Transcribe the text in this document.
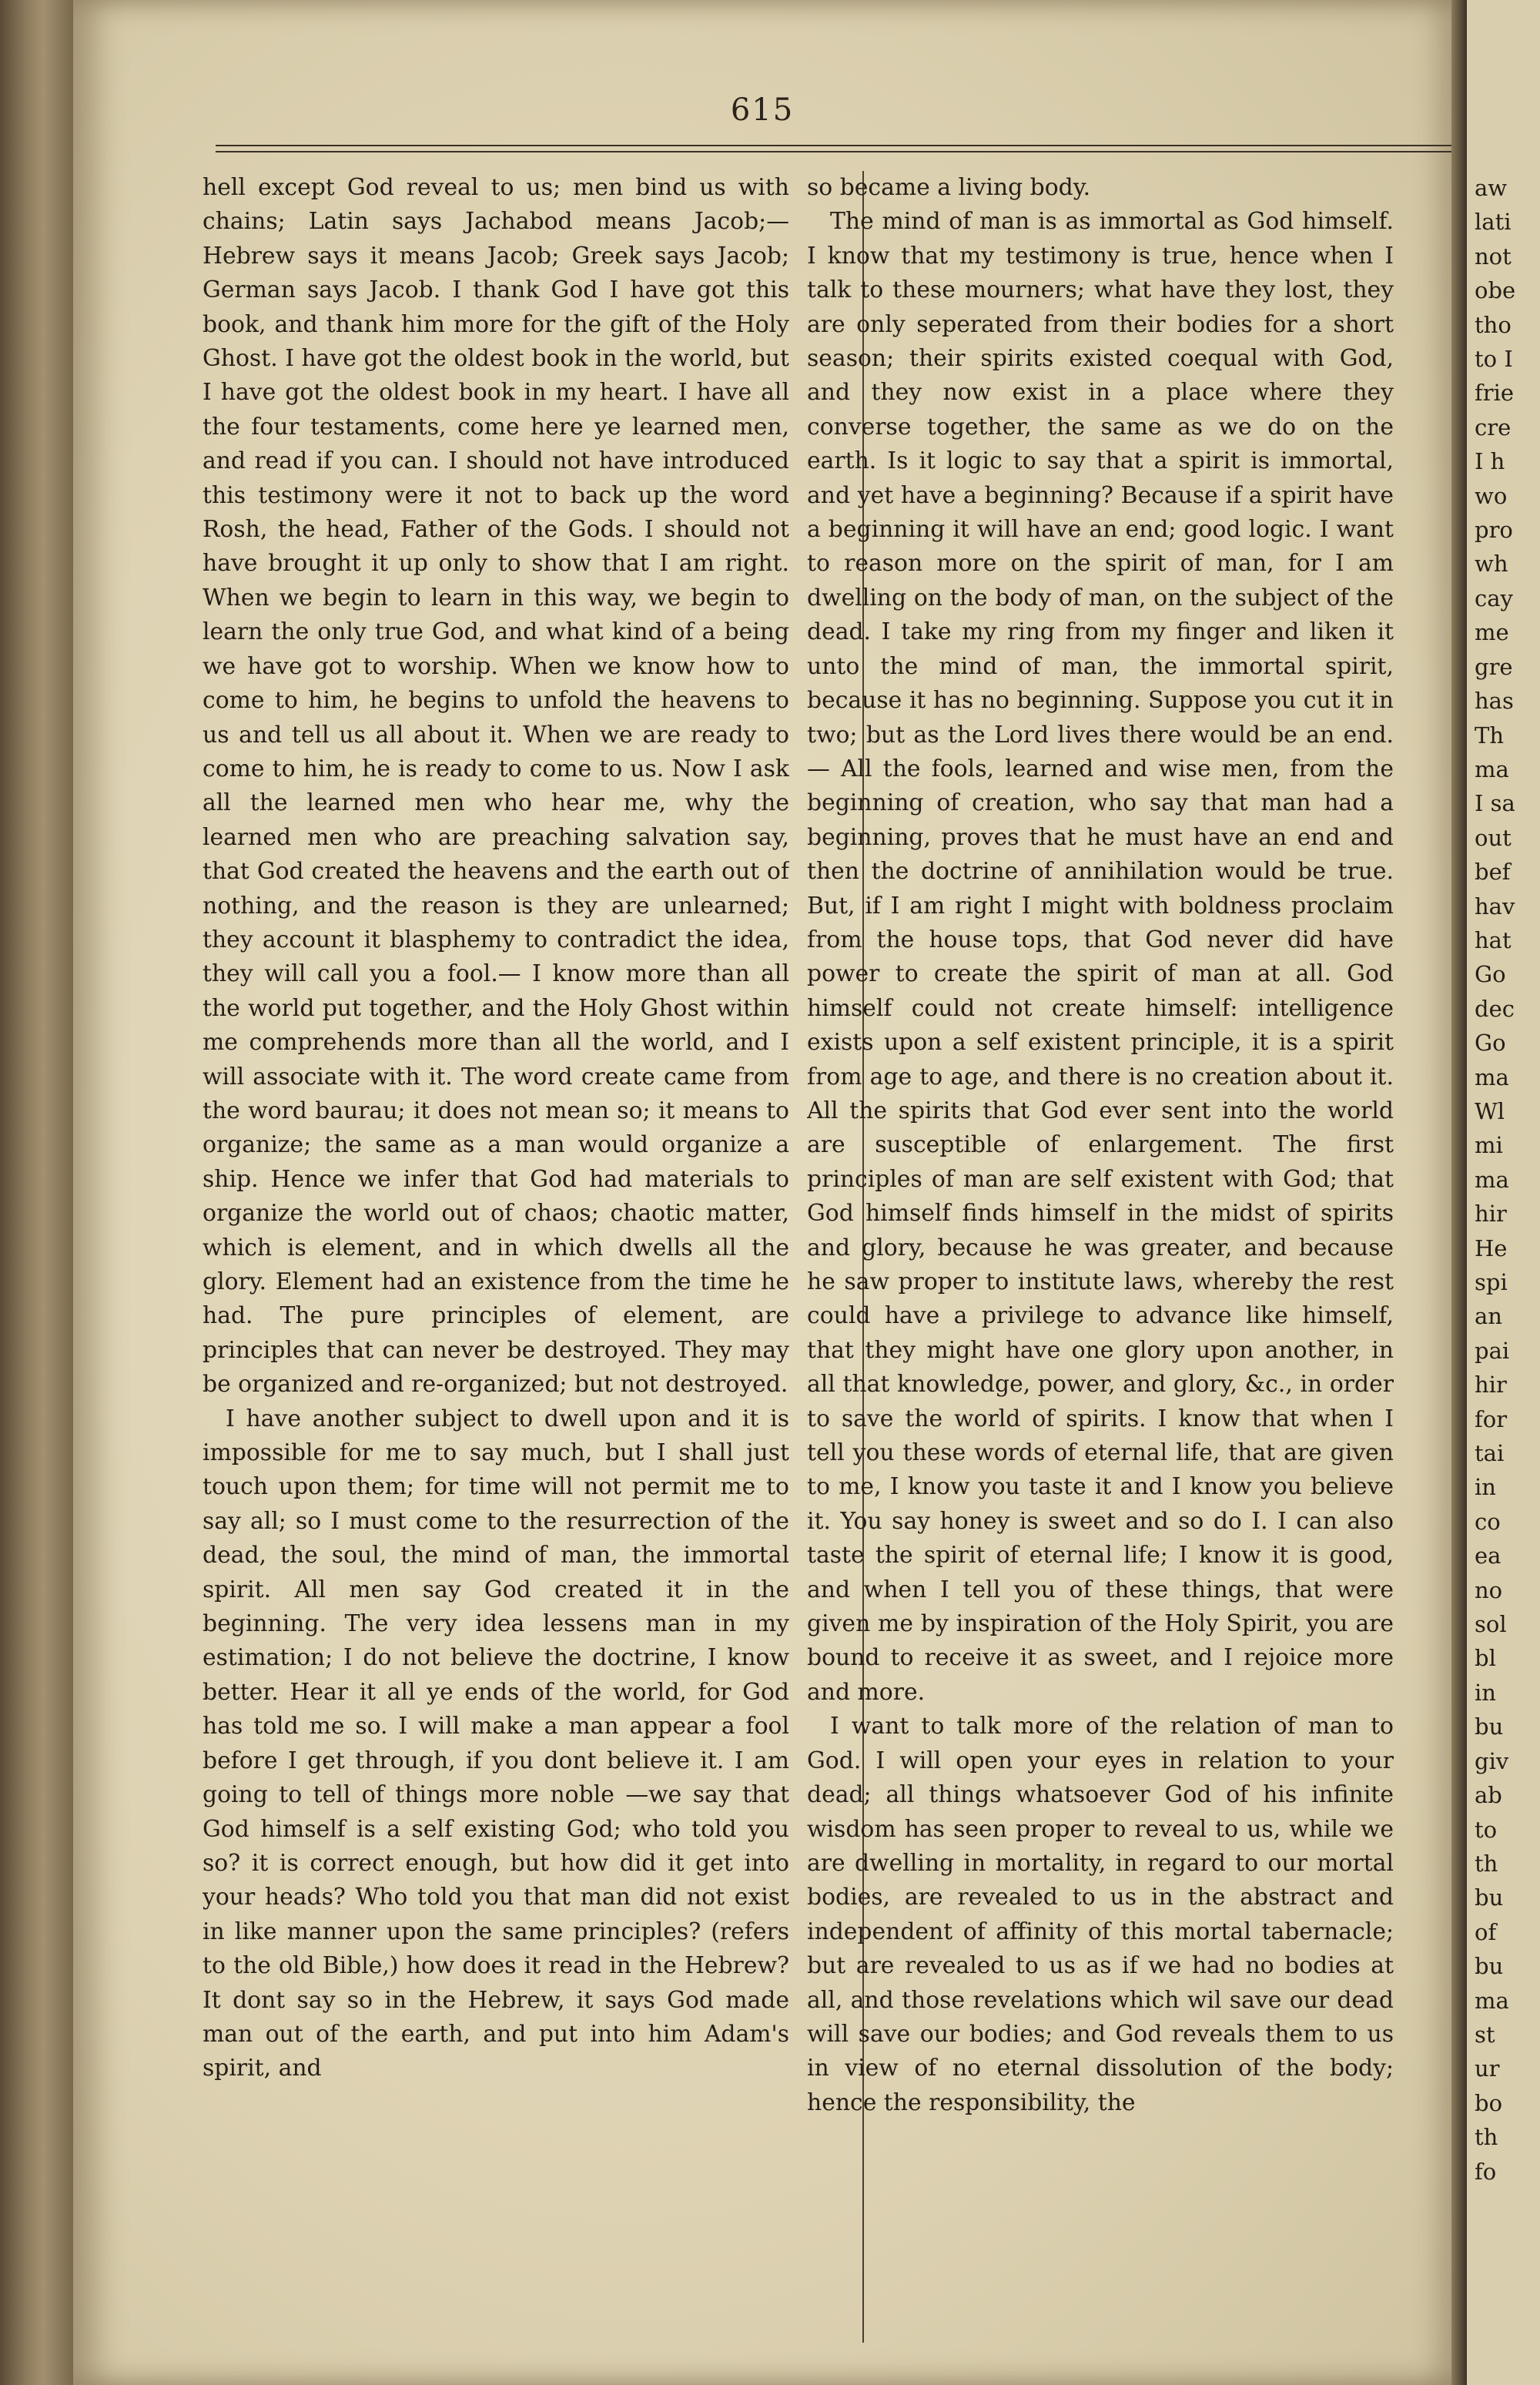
615

hell except God reveal to us; men bind us with chains; Latin says Jachabod means Jacob;— Hebrew says it means Jacob; Greek says Jacob; German says Jacob. I thank God I have got this book, and thank him more for the gift of the Holy Ghost. I have got the oldest book in the world, but I have got the oldest book in my heart. I have all the four testaments, come here ye learned men, and read if you can. I should not have introduced this testimony were it not to back up the word Rosh, the head, Father of the Gods. I should not have brought it up only to show that I am right. When we begin to learn in this way, we begin to learn the only true God, and what kind of a being we have got to worship. When we know how to come to him, he begins to unfold the heavens to us and tell us all about it. When we are ready to come to him, he is ready to come to us. Now I ask all the learned men who hear me, why the learned men who are preaching salvation say, that God created the heavens and the earth out of nothing, and the reason is they are unlearned; they account it blasphemy to contradict the idea, they will call you a fool.— I know more than all the world put together, and the Holy Ghost within me comprehends more than all the world, and I will associate with it. The word create came from the word baurau; it does not mean so; it means to organize; the same as a man would organize a ship. Hence we infer that God had materials to organize the world out of chaos; chaotic matter, which is element, and in which dwells all the glory. Element had an existence from the time he had. The pure principles of element, are principles that can never be destroyed. They may be organized and re-organized; but not destroyed.

I have another subject to dwell upon and it is impossible for me to say much, but I shall just touch upon them; for time will not permit me to say all; so I must come to the resurrection of the dead, the soul, the mind of man, the immortal spirit. All men say God created it in the beginning. The very idea lessens man in my estimation; I do not believe the doctrine, I know better. Hear it all ye ends of the world, for God has told me so. I will make a man appear a fool before I get through, if you dont believe it. I am going to tell of things more noble —we say that God himself is a self existing God; who told you so? it is correct enough, but how did it get into your heads? Who told you that man did not exist in like manner upon the same principles? (refers to the old Bible,) how does it read in the Hebrew? It dont say so in the Hebrew, it says God made man out of the earth, and put into him Adam's spirit, and

so became a living body.

The mind of man is as immortal as God himself. I know that my testimony is true, hence when I talk to these mourners; what have they lost, they are only seperated from their bodies for a short season; their spirits existed coequal with God, and they now exist in a place where they converse together, the same as we do on the earth. Is it logic to say that a spirit is immortal, and yet have a beginning? Because if a spirit have a beginning it will have an end; good logic. I want to reason more on the spirit of man, for I am dwelling on the body of man, on the subject of the dead. I take my ring from my finger and liken it unto the mind of man, the immortal spirit, because it has no beginning. Suppose you cut it in two; but as the Lord lives there would be an end.— All the fools, learned and wise men, from the beginning of creation, who say that man had a beginning, proves that he must have an end and then the doctrine of annihilation would be true. But, if I am right I might with boldness proclaim from the house tops, that God never did have power to create the spirit of man at all. God himself could not create himself: intelligence exists upon a self existent principle, it is a spirit from age to age, and there is no creation about it. All the spirits that God ever sent into the world are susceptible of enlargement. The first principles of man are self existent with God; that God himself finds himself in the midst of spirits and glory, because he was greater, and because he saw proper to institute laws, whereby the rest could have a privilege to advance like himself, that they might have one glory upon another, in all that knowledge, power, and glory, &c., in order to save the world of spirits. I know that when I tell you these words of eternal life, that are given to me, I know you taste it and I know you believe it. You say honey is sweet and so do I. I can also taste the spirit of eternal life; I know it is good, and when I tell you of these things, that were given me by inspiration of the Holy Spirit, you are bound to receive it as sweet, and I rejoice more and more.

I want to talk more of the relation of man to God. I will open your eyes in relation to your dead; all things whatsoever God of his infinite wisdom has seen proper to reveal to us, while we are dwelling in mortality, in regard to our mortal bodies, are revealed to us in the abstract and independent of affinity of this mortal tabernacle; but are revealed to us as if we had no bodies at all, and those revelations which wil save our dead will save our bodies; and God reveals them to us in view of no eternal dissolution of the body; hence the responsibility, the

aw
lati
not
obe
tho
to I
frie
cre
I h
wo
pro
wh
cay
me
gre
has
Th
ma
I sa
out
bef
hav
hat
Go
dec
Go
ma
Wl
mi
ma
hir
He
spi
an
pai
hir
for
tai
in
co
ea
no
sol
bl
in
bu
giv
ab
to
th
bu
of
bu
ma
st
ur
bo
th
fo
